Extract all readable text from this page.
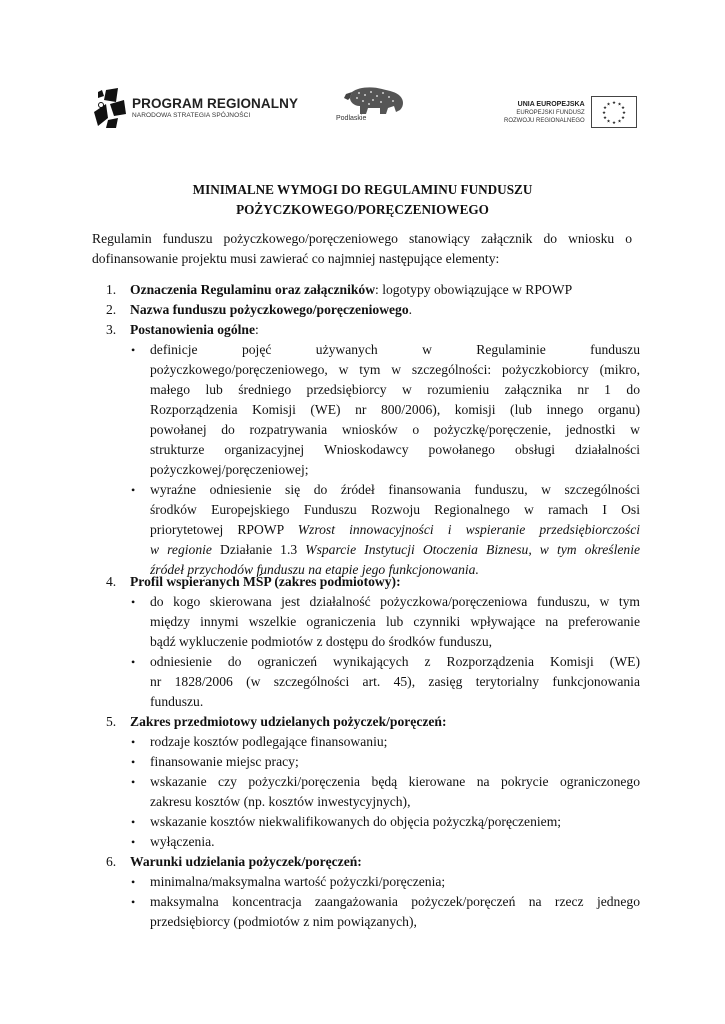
PROGRAM REGIONALNY
NARODOWA STRATEGIA SPÓJNOŚCI	Podlaskie
UNIA EUROPEJSKA
EUROPEJSKI FUNDUSZ
ROZWOJU REGIONALNEGO
★ ★
★
★
★
★
★
★
★
★
★
★
MINIMALNE WYMOGI DO REGULAMINU FUNDUSZU
POŻYCZKOWEGO/PORĘCZENIOWEGO
Regulamin funduszu pożyczkowego/poręczeniowego stanowiący załącznik do wniosku o
dofinansowanie projektu musi zawierać co najmniej następujące elementy:
1. Oznaczenia Regulaminu oraz załączników: logotypy obowiązujące w RPOWP
2. Nazwa funduszu pożyczkowego/poręczeniowego.
3. Postanowienia ogólne:
• definicje pojęć używanych w Regulaminie funduszu
pożyczkowego/poręczeniowego, w tym w szczególności: pożyczkobiorcy (mikro,
małego lub średniego przedsiębiorcy w rozumieniu załącznika nr 1 do
Rozporządzenia Komisji (WE) nr 800/2006), komisji (lub innego organu)
powołanej do rozpatrywania wniosków o pożyczkę/poręczenie, jednostki w
strukturze organizacyjnej Wnioskodawcy powołanego obsługi działalności
pożyczkowej/poręczeniowej;
• wyraźne odniesienie się do źródeł finansowania funduszu, w szczególności
środków Europejskiego Funduszu Rozwoju Regionalnego w ramach I Osi
priorytetowej RPOWP Wzrost innowacyjności i wspieranie przedsiębiorczości
w regionie Działanie 1.3 Wsparcie Instytucji Otoczenia Biznesu, w tym określenie
źródeł przychodów funduszu na etapie jego funkcjonowania.
4. Profil wspieranych MŚP (zakres podmiotowy):
• do kogo skierowana jest działalność pożyczkowa/poręczeniowa funduszu, w tym
między innymi wszelkie ograniczenia lub czynniki wpływające na preferowanie
bądź wykluczenie podmiotów z dostępu do środków funduszu,
• odniesienie do ograniczeń wynikających z Rozporządzenia Komisji (WE)
nr 1828/2006 (w szczególności art. 45), zasięg terytorialny funkcjonowania
funduszu.
5. Zakres przedmiotowy udzielanych pożyczek/poręczeń:
• rodzaje kosztów podlegające finansowaniu;
• finansowanie miejsc pracy;
• wskazanie czy pożyczki/poręczenia będą kierowane na pokrycie ograniczonego
zakresu kosztów (np. kosztów inwestycyjnych),
• wskazanie kosztów niekwalifikowanych do objęcia pożyczką/poręczeniem;
• wyłączenia.
6. Warunki udzielania pożyczek/poręczeń:
• minimalna/maksymalna wartość pożyczki/poręczenia;
• maksymalna koncentracja zaangażowania pożyczek/poręczeń na rzecz jednego
przedsiębiorcy (podmiotów z nim powiązanych),
